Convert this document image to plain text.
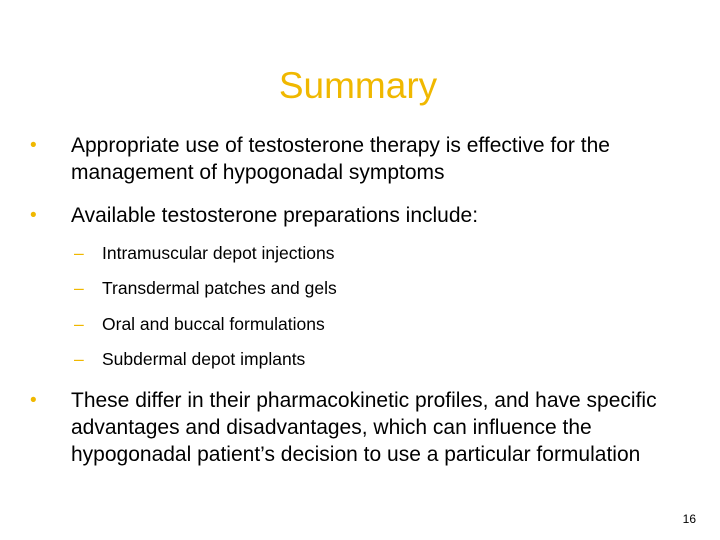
Summary
• Appropriate use of testosterone therapy is effective for the management of hypogonadal symptoms
• Available testosterone preparations include:
– Intramuscular depot injections
– Transdermal patches and gels
– Oral and buccal formulations
– Subdermal depot implants
• These differ in their pharmacokinetic profiles, and have specific advantages and disadvantages, which can influence the hypogonadal patient’s decision to use a particular formulation
16
